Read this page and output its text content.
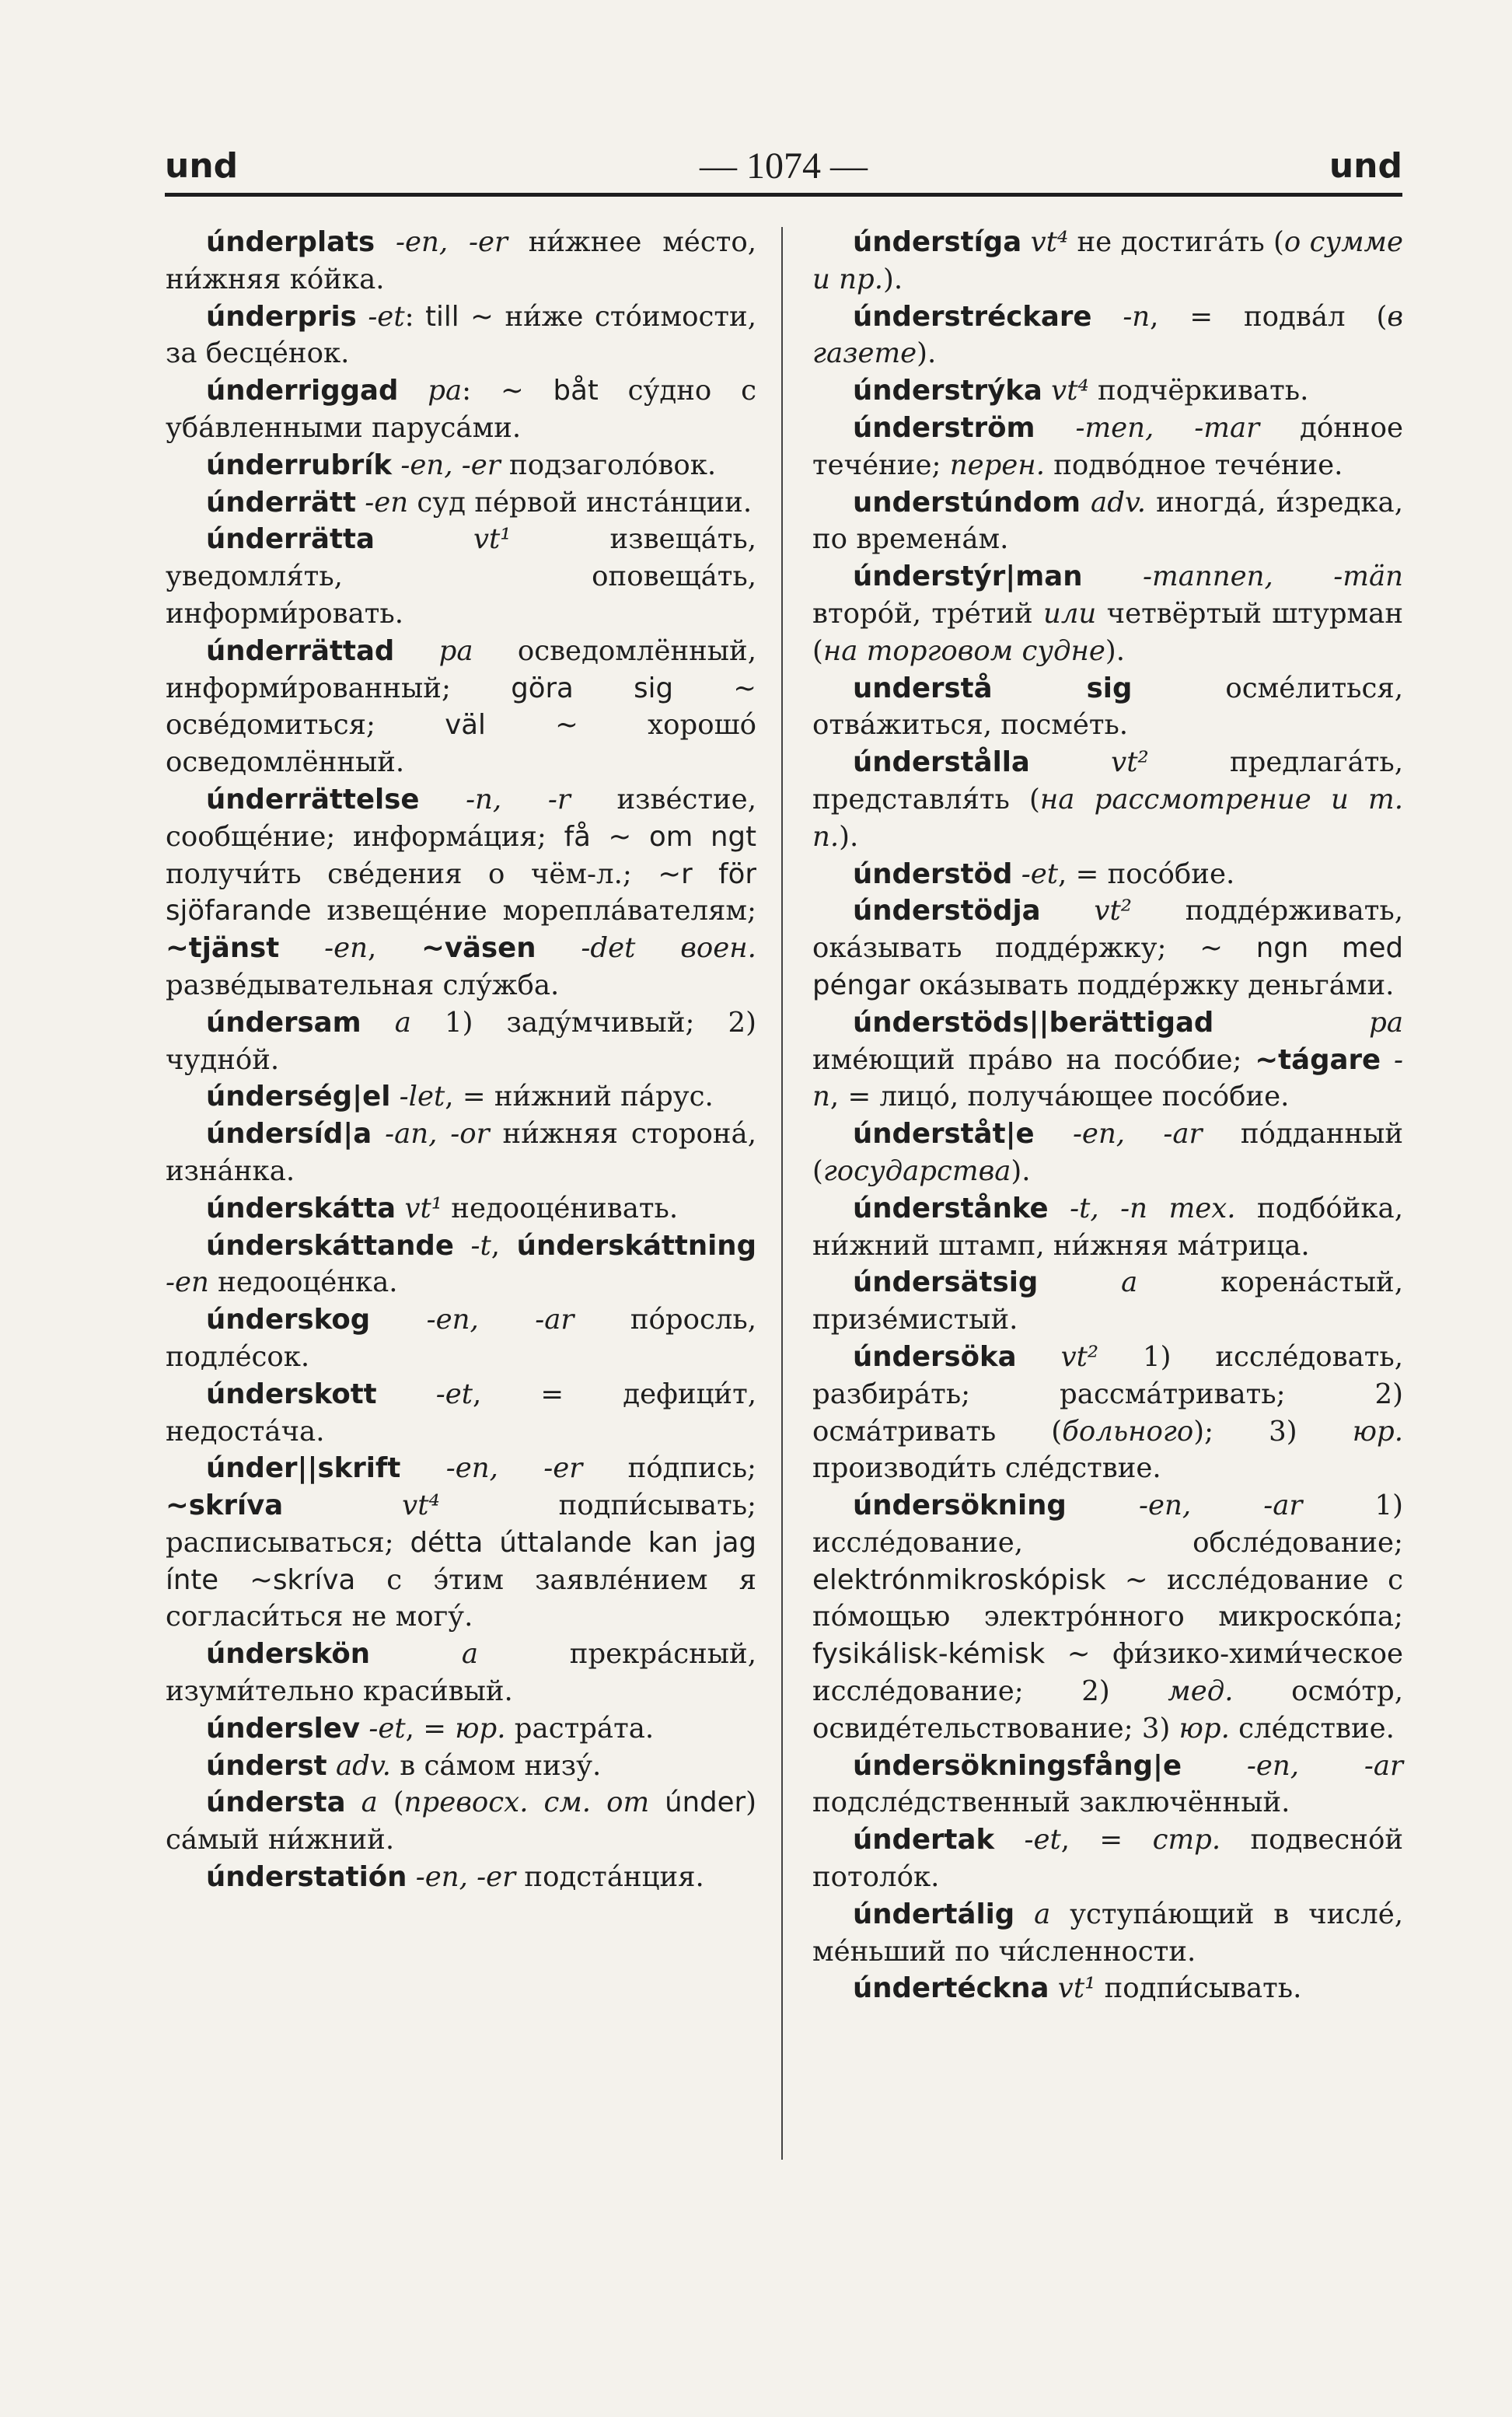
und	— 1074 —	und

únderplats -en, -er ни́жнее ме́сто, ни́жняя ко́йка.

únderpris -et: till ~ ни́же сто́имости, за бесце́нок.

únderriggad pa: ~ båt су́дно с уба́вленными паруса́ми.

únderrubrík -en, -er подзаголо́вок.

únderrätt -en суд пе́рвой инста́нции.

únderrätta	vt¹ извеща́ть, уведомля́ть, оповеща́ть, информи́ровать.

únderrättad pa осведомлённый, информи́рованный; göra sig ~ осве́домиться; väl ~ хорошо́ осведомлённый.

únderrättelse -n, -r изве́стие, сообще́ние; информа́ция; få ~ om ngt получи́ть све́дения о чём-л.; ~r för sjöfarande извеще́ние морепла́вателям; ~tjänst -en, ~väsen -det воен. разве́дывательная слу́жба.

úndersam a 1) заду́мчивый; 2) чудно́й.

únderség|el -let, = ни́жний па́рус.

úndersíd|a -an, -or ни́жняя сторона́, изна́нка.

únderskátta vt¹ недооце́нивать.

únderskáttande -t, únderskáttning -en недооце́нка.

únderskog -en, -ar по́росль, подле́сок.

únderskott -et, = дефици́т, недоста́ча.

únder||skrift -en, -er по́дпись; ~skríva	vt⁴ подпи́сывать; расписываться; détta úttalande kan jag ínte ~skríva с э́тим заявле́нием я согласи́ться не могу́.

únderskön	a прекра́сный, изуми́тельно краси́вый.

únderslev -et, = юр. растра́та.

únderst adv. в са́мом низу́.

úndersta a (превосх. см. от únder) са́мый ни́жний.

únderstatión -en, -er подста́нция.

únderstíga vt⁴ не достига́ть (о сумме и пр.).

únderstréckare -n, = подва́л (в газете).

únderstrýka vt⁴ подчёркивать.

únderström -men, -mar до́нное тече́ние; перен. подво́дное тече́ние.

understúndom adv. иногда́, и́зредка, по времена́м.

únderstýr|man -mannen, -män второ́й, тре́тий или четвёртый штурман (на торговом судне).

understå sig осме́литься, отва́житься, посме́ть.

únderstålla	vt² предлага́ть, представля́ть (на рассмотрение и т. п.).

únderstöd -et, = посо́бие.

únderstödja vt² подде́рживать, ока́зывать подде́ржку; ~ ngn med péngar ока́зывать подде́ржку деньга́ми.

únderstöds||berättigad	pa име́ющий пра́во на посо́бие; ~tágare -n, = лицо́, получа́ющее посо́бие.

únderståt|e -en, -ar по́дданный (государства).

únderstånke -t, -n тех. подбо́йка, ни́жний штамп, ни́жняя ма́трица.

úndersätsig	a корена́стый, призе́мистый.

úndersöka vt² 1) иссле́довать, разбира́ть; рассма́тривать; 2) осма́тривать (больного); 3) юр. производи́ть сле́дствие.

úndersökning	-en, -ar 1) иссле́дование, обсле́дование; elektrónmikroskópisk ~ иссле́дование с по́мощью электро́нного микроско́па; fysikálisk-kémisk ~ фи́зико-хими́ческое иссле́дование; 2) мед. осмо́тр, освиде́тельствование; 3) юр. сле́дствие.

úndersökningsfång|e -en, -ar подсле́дственный заключённый.

úndertak -et, = стр. подвесно́й потоло́к.

úndertálig a уступа́ющий в числе́, ме́ньший по чи́сленности.

úndertéckna vt¹ подпи́сывать.
